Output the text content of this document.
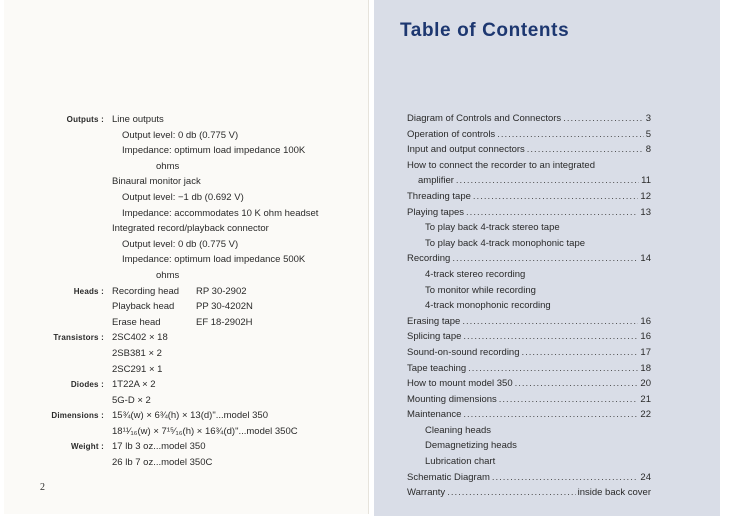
Outputs : Line outputs
Output level: 0 db (0.775 V)
Impedance: optimum load impedance 100K
ohms
Binaural monitor jack
Output level: −1 db (0.692 V)
Impedance: accommodates 10 K ohm headset
Integrated record/playback connector
Output level: 0 db (0.775 V)
Impedance: optimum load impedance 500K
ohms
Heads : Recording head	RP 30-2902
Playback head	PP 30-4202N
Erase head	EF 18-2902H
Transistors : 2SC402 × 18
2SB381 × 2
2SC291 × 1
Diodes : 1T22A × 2
5G-D × 2
Dimensions : 15¾(w) × 6¾(h) × 13(d)"...model 350
18¹¹⁄₁₆(w) × 7¹⁵⁄₁₆(h) × 16¾(d)"...model 350C
Weight : 17 lb 3 oz...model 350
26 lb 7 oz...model 350C
2
Table of Contents
Diagram of Controls and Connectors .....	3
Operation of controls .....	5
Input and output connectors .....	8
How to connect the recorder to an integrated
amplifier .....	11
Threading tape .....	12
Playing tapes .....	13
To play back 4-track stereo tape
To play back 4-track monophonic tape
Recording .....	14
4-track stereo recording
To monitor while recording
4-track monophonic recording
Erasing tape .....	16
Splicing tape .....	16
Sound-on-sound recording .....	17
Tape teaching .....	18
How to mount model 350 .....	20
Mounting dimensions .....	21
Maintenance .....	22
Cleaning heads
Demagnetizing heads
Lubrication chart
Schematic Diagram .....	24
Warranty .....	inside back cover
